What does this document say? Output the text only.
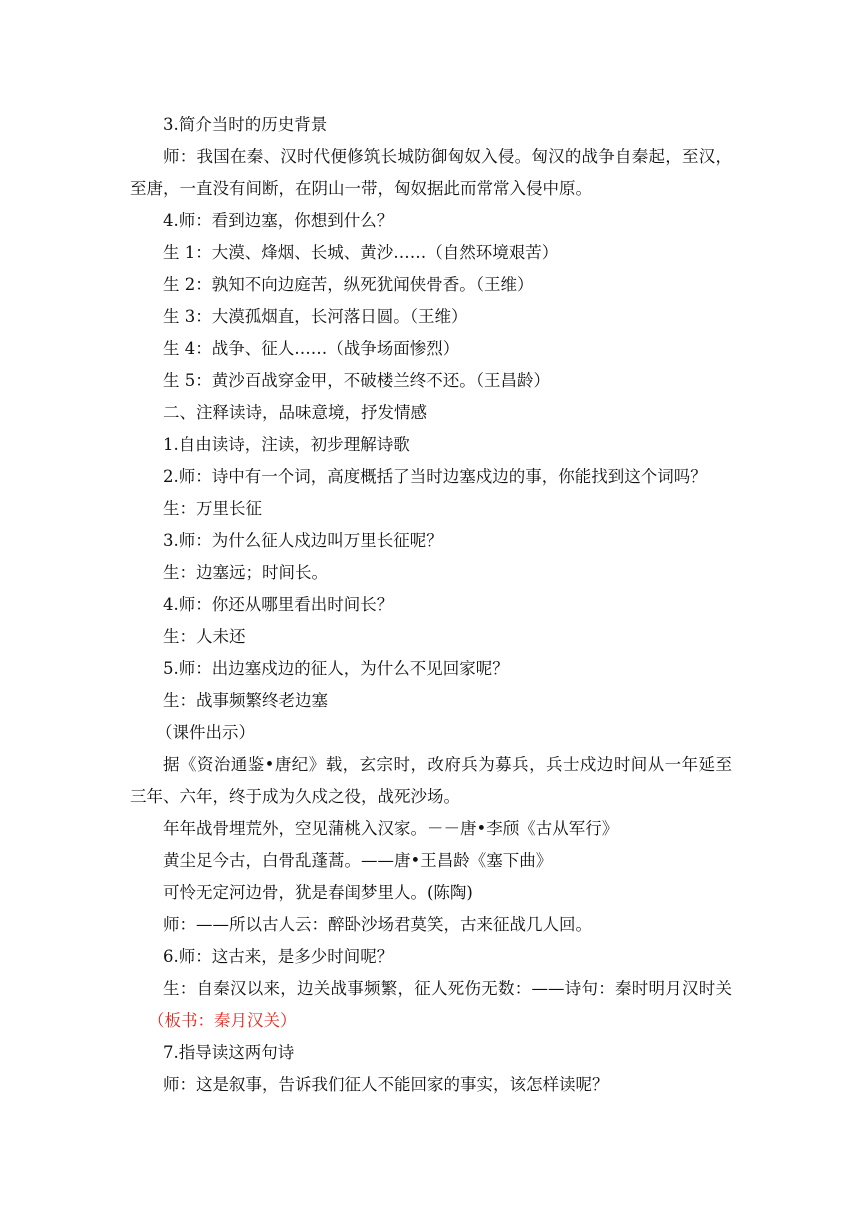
3.简介当时的历史背景

师：我国在秦、汉时代便修筑长城防御匈奴入侵。匈汉的战争自秦起，至汉，至唐，一直没有间断，在阴山一带，匈奴据此而常常入侵中原。

4.师：看到边塞，你想到什么？

生 1：大漠、烽烟、长城、黄沙……（自然环境艰苦）

生 2：孰知不向边庭苦，纵死犹闻侠骨香。（王维）

生 3：大漠孤烟直，长河落日圆。（王维）

生 4：战争、征人……（战争场面惨烈）

生 5：黄沙百战穿金甲，不破楼兰终不还。（王昌龄）

二、注释读诗，品味意境，抒发情感

1.自由读诗，注读，初步理解诗歌

2.师：诗中有一个词，高度概括了当时边塞戍边的事，你能找到这个词吗？

生：万里长征

3.师：为什么征人戍边叫万里长征呢？

生：边塞远；时间长。

4.师：你还从哪里看出时间长？

生：人未还

5.师：出边塞戍边的征人，为什么不见回家呢？

生：战事频繁终老边塞

（课件出示）

据《资治通鉴•唐纪》载，玄宗时，改府兵为募兵，兵士戍边时间从一年延至三年、六年，终于成为久戍之役，战死沙场。

年年战骨埋荒外，空见蒲桃入汉家。－－唐•李颀《古从军行》

黄尘足今古，白骨乱蓬蒿。——唐•王昌龄《塞下曲》

可怜无定河边骨，犹是春闺梦里人。(陈陶)

师：——所以古人云：醉卧沙场君莫笑，古来征战几人回。

6.师：这古来，是多少时间呢？

生：自秦汉以来，边关战事频繁，征人死伤无数：——诗句：秦时明月汉时关（板书：秦月汉关）

7.指导读这两句诗

师：这是叙事，告诉我们征人不能回家的事实，该怎样读呢？
